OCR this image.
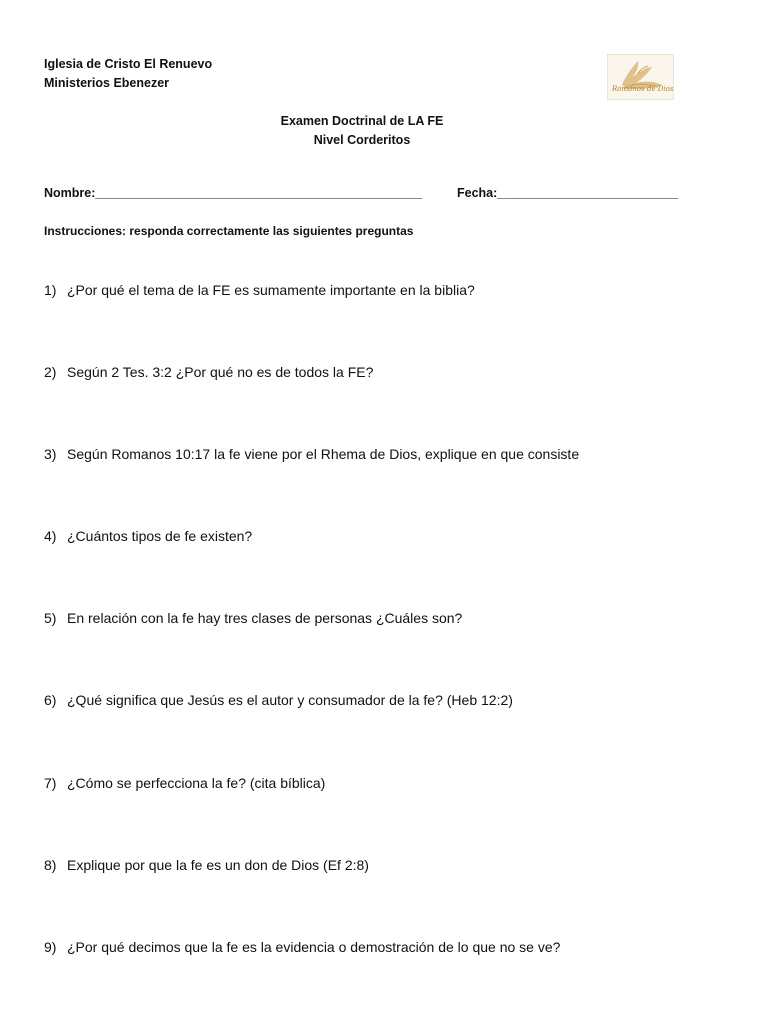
Iglesia de Cristo El Renuevo
Ministerios Ebenezer	Romanos de Dios
Examen Doctrinal de LA FE
Nivel Corderitos
Nombre:_______________________________________________	Fecha:__________________________
Instrucciones: responda correctamente las siguientes preguntas
1) ¿Por qué el tema de la FE es sumamente importante en la biblia?
2) Según 2 Tes. 3:2 ¿Por qué no es de todos la FE?
3) Según Romanos 10:17 la fe viene por el Rhema de Dios, explique en que consiste
4) ¿Cuántos tipos de fe existen?
5) En relación con la fe hay tres clases de personas ¿Cuáles son?
6) ¿Qué significa que Jesús es el autor y consumador de la fe? (Heb 12:2)
7) ¿Cómo se perfecciona la fe? (cita bíblica)
8) Explique por que la fe es un don de Dios (Ef 2:8)
9) ¿Por qué decimos que la fe es la evidencia o demostración de lo que no se ve?
